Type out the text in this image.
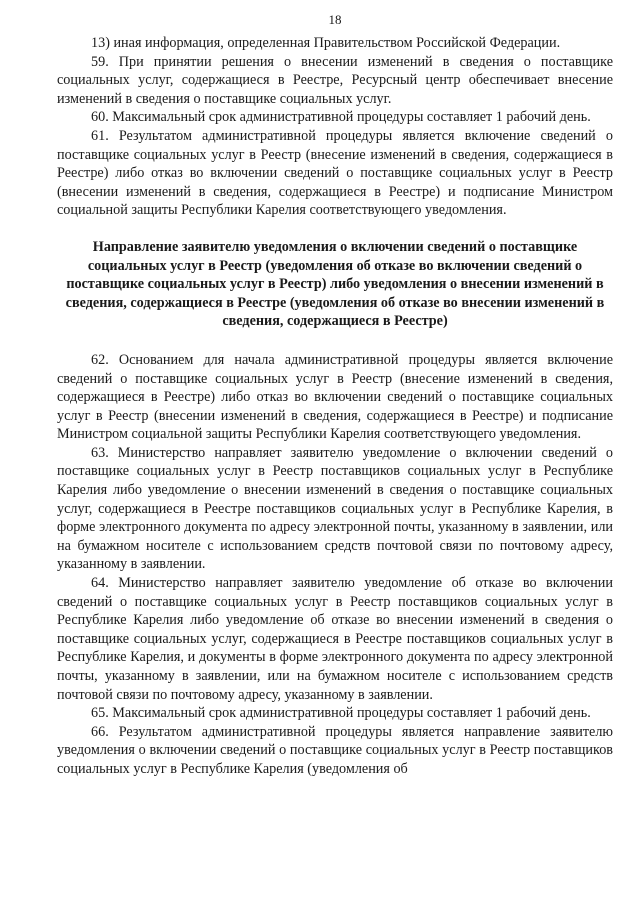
18

13) иная информация, определенная Правительством Российской Федерации.

59. При принятии решения о внесении изменений в сведения о поставщике социальных услуг, содержащиеся в Реестре, Ресурсный центр обеспечивает внесение изменений в сведения о поставщике социальных услуг.

60. Максимальный срок административной процедуры составляет 1 рабочий день.

61. Результатом административной процедуры является включение сведений о поставщике социальных услуг в Реестр (внесение изменений в сведения, содержащиеся в Реестре) либо отказ во включении сведений о поставщике социальных услуг в Реестр (внесении изменений в сведения, содержащиеся в Реестре) и подписание Министром социальной защиты Республики Карелия соответствующего уведомления.

Направление заявителю уведомления о включении сведений о поставщике социальных услуг в Реестр (уведомления об отказе во включении сведений о поставщике социальных услуг в Реестр) либо уведомления о внесении изменений в сведения, содержащиеся в Реестре (уведомления об отказе во внесении изменений в сведения, содержащиеся в Реестре)

62. Основанием для начала административной процедуры является включение сведений о поставщике социальных услуг в Реестр (внесение изменений в сведения, содержащиеся в Реестре) либо отказ во включении сведений о поставщике социальных услуг в Реестр (внесении изменений в сведения, содержащиеся в Реестре) и подписание Министром социальной защиты Республики Карелия соответствующего уведомления.

63. Министерство направляет заявителю уведомление о включении сведений о поставщике социальных услуг в Реестр поставщиков социальных услуг в Республике Карелия либо уведомление о внесении изменений в сведения о поставщике социальных услуг, содержащиеся в Реестре поставщиков социальных услуг в Республике Карелия, в форме электронного документа по адресу электронной почты, указанному в заявлении, или на бумажном носителе с использованием средств почтовой связи по почтовому адресу, указанному в заявлении.

64. Министерство направляет заявителю уведомление об отказе во включении сведений о поставщике социальных услуг в Реестр поставщиков социальных услуг в Республике Карелия либо уведомление об отказе во внесении изменений в сведения о поставщике социальных услуг, содержащиеся в Реестре поставщиков социальных услуг в Республике Карелия, и документы в форме электронного документа по адресу электронной почты, указанному в заявлении, или на бумажном носителе с использованием средств почтовой связи по почтовому адресу, указанному в заявлении.

65. Максимальный срок административной процедуры составляет 1 рабочий день.

66. Результатом административной процедуры является направление заявителю уведомления о включении сведений о поставщике социальных услуг в Реестр поставщиков социальных услуг в Республике Карелия (уведомления об
